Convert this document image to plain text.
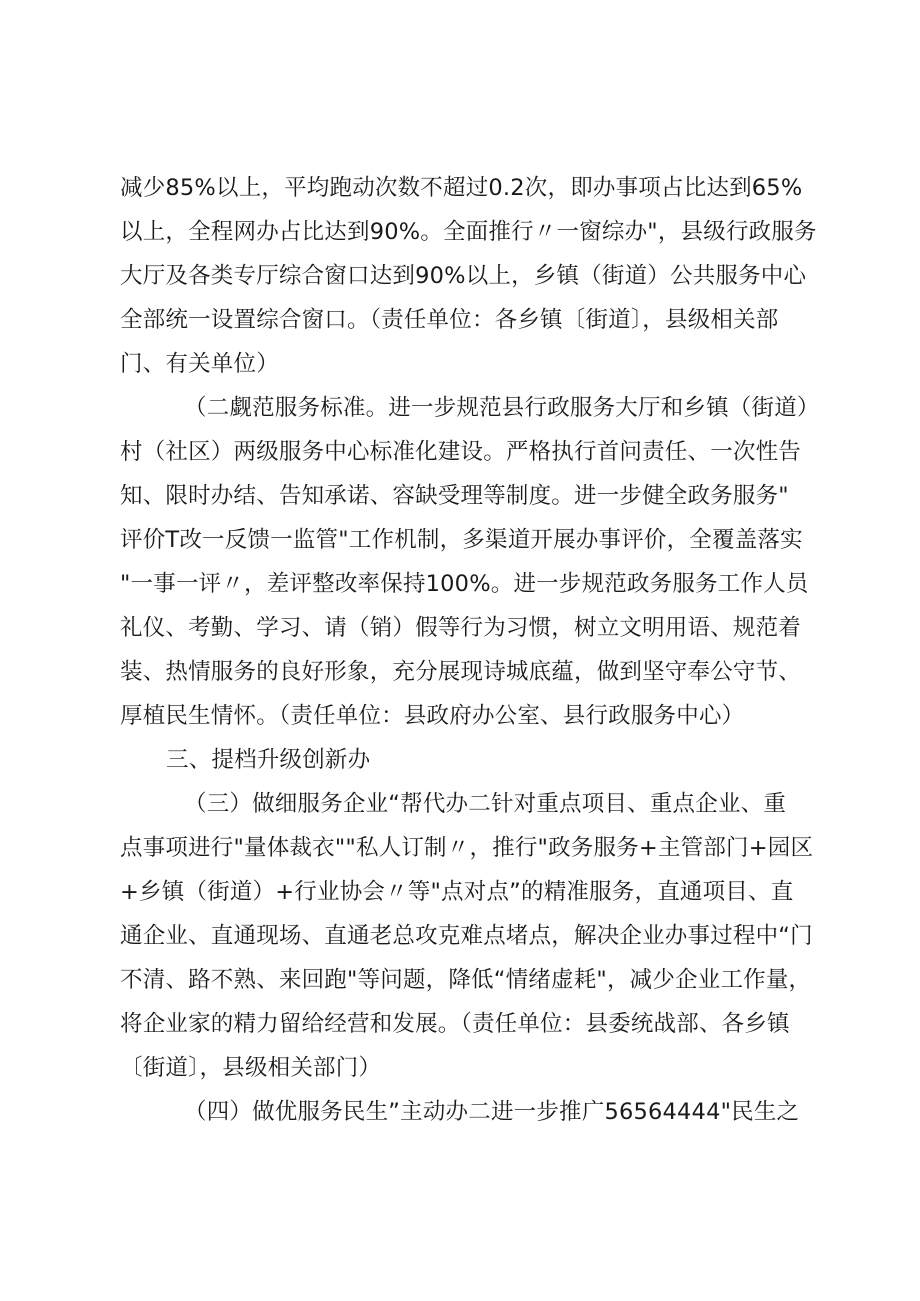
减少85%以上，平均跑动次数不超过0.2次，即办事项占比达到65%
以上，全程网办占比达到90%。全面推行〃一窗综办"，县级行政服务
大厅及各类专厅综合窗口达到90%以上，乡镇（街道）公共服务中心
全部统一设置综合窗口。（责任单位：各乡镇〔街道〕，县级相关部
门、有关单位）
（二觑范服务标准。进一步规范县行政服务大厅和乡镇（街道）
村（社区）两级服务中心标准化建设。严格执行首问责任、一次性告
知、限时办结、告知承诺、容缺受理等制度。进一步健全政务服务"
评价T改一反馈一监管"工作机制，多渠道开展办事评价，全覆盖落实
"一事一评〃，差评整改率保持100%。进一步规范政务服务工作人员
礼仪、考勤、学习、请（销）假等行为习惯，树立文明用语、规范着
装、热情服务的良好形象，充分展现诗城底蕴，做到坚守奉公守节、
厚植民生情怀。（责任单位：县政府办公室、县行政服务中心）
三、提档升级创新办
（三）做细服务企业“帮代办二针对重点项目、重点企业、重
点事项进行"量体裁衣""私人订制〃，推行"政务服务+主管部门+园区
+乡镇（街道）+行业协会〃等"点对点”的精准服务，直通项目、直
通企业、直通现场、直通老总攻克难点堵点，解决企业办事过程中“门
不清、路不熟、来回跑"等问题，降低“情绪虚耗"，减少企业工作量，
将企业家的精力留给经营和发展。（责任单位：县委统战部、各乡镇
〔街道〕，县级相关部门）
（四）做优服务民生”主动办二进一步推广56564444"民生之
